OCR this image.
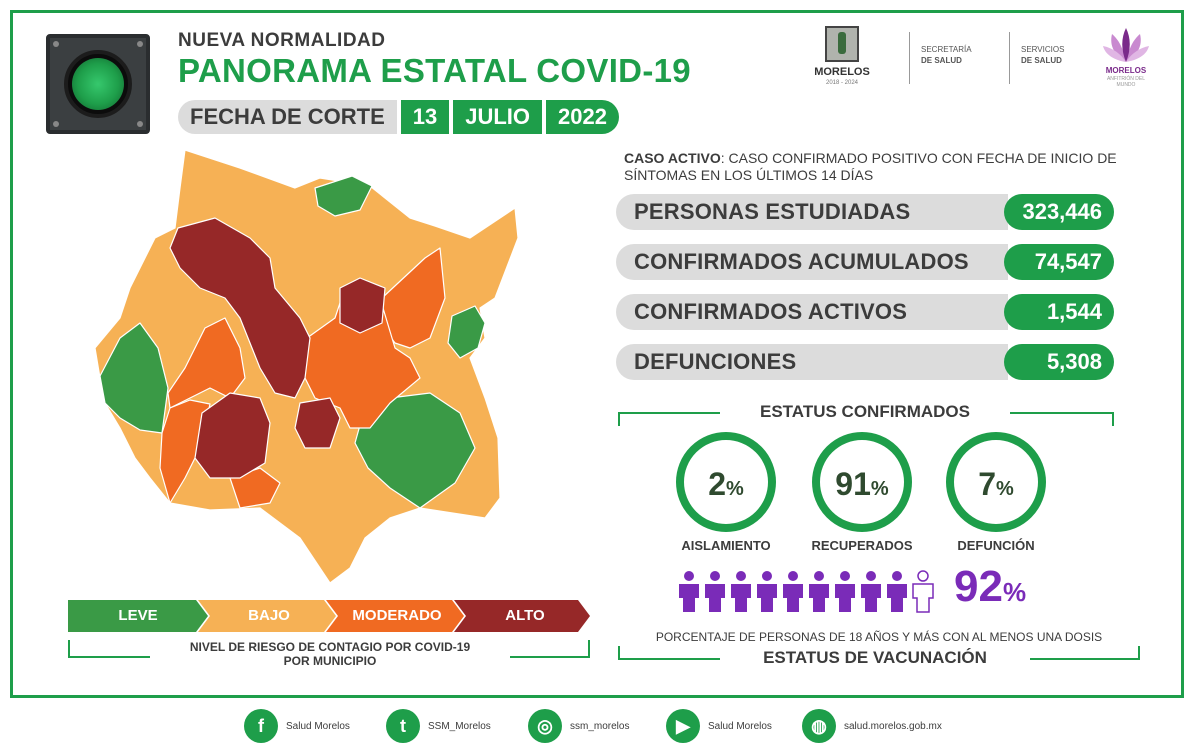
NUEVA NORMALIDAD
PANORAMA ESTATAL COVID-19
FECHA DE CORTE	13	JULIO	2022
MORELOS
2018 - 2024
SECRETARÍA
DE SALUD
SERVICIOS
DE SALUD
MORELOS
ANFITRIÓN DEL MUNDO
LEVE	BAJO	MODERADO	ALTO
NIVEL DE RIESGO DE CONTAGIO POR COVID-19
POR MUNICIPIO
CASO ACTIVO: CASO CONFIRMADO POSITIVO CON FECHA DE INICIO DE SÍNTOMAS EN LOS ÚLTIMOS 14 DÍAS
PERSONAS ESTUDIADAS	323,446
CONFIRMADOS ACUMULADOS	74,547
CONFIRMADOS ACTIVOS	1,544
DEFUNCIONES	5,308
ESTATUS CONFIRMADOS
2%
AISLAMIENTO
91%
RECUPERADOS
7%
DEFUNCIÓN
92%
PORCENTAJE DE PERSONAS DE 18 AÑOS Y MÁS CON AL MENOS UNA DOSIS
ESTATUS DE VACUNACIÓN
f	Salud Morelos	t	SSM_Morelos	◎	ssm_morelos	▶	Salud Morelos	◍	salud.morelos.gob.mx
